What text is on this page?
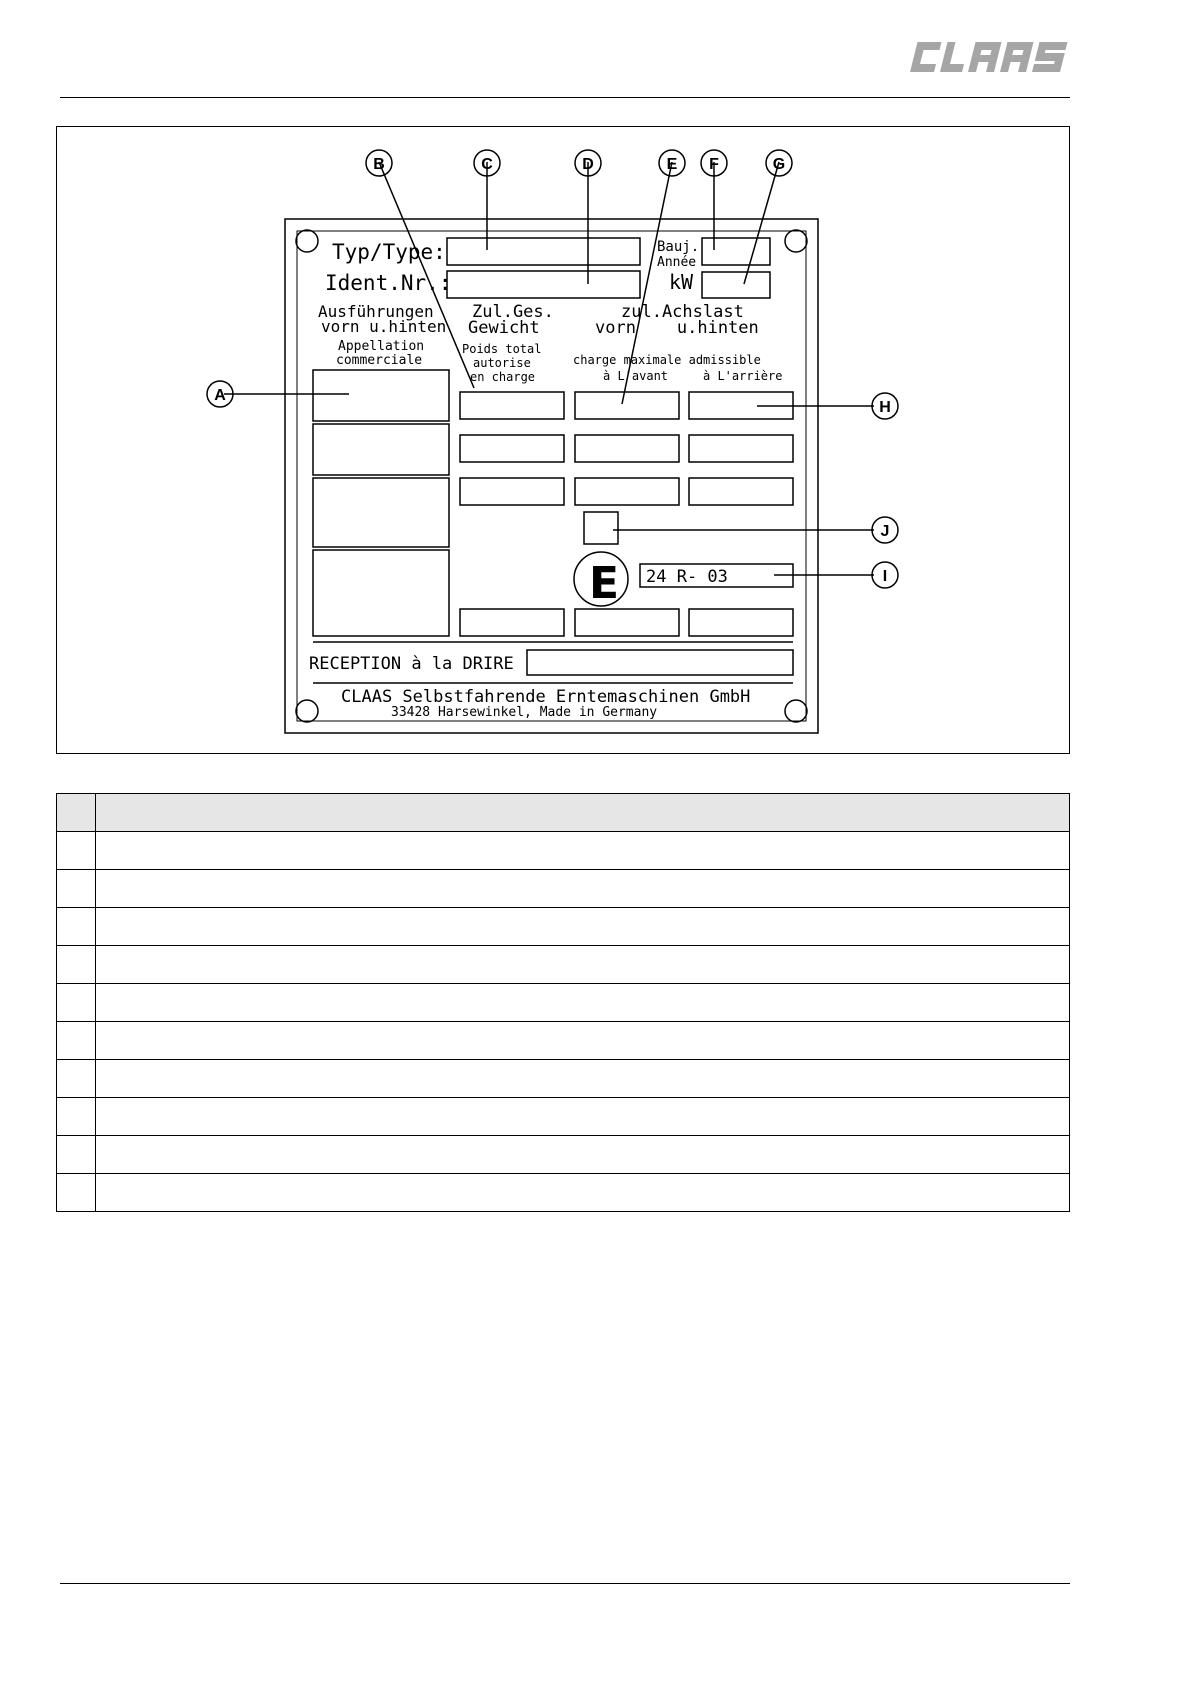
Typ/Type:
Ident.Nr.:
Bauj.
Année
kW
Ausführungen
vorn u.hinten
Appellation
commerciale
Zul.Ges.
Gewicht
Poids total
autorise
en charge
zul.Achslast
vorn    u.hinten
charge maximale admissible
à L'avant	à L'arrière
E 24 R- 03
RECEPTION à la DRIRE
CLAAS Selbstfahrende Erntemaschinen GmbH
33428 Harsewinkel, Made in Germany
B	C	D	E F	G
A
H
J
I
